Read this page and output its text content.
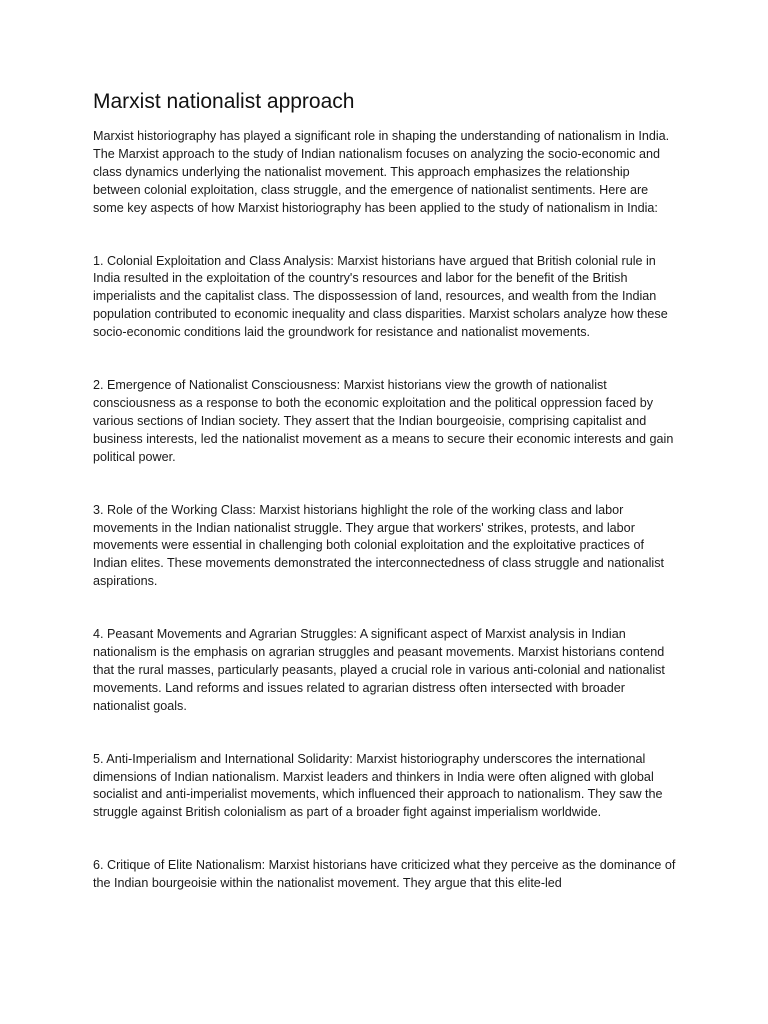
Marxist nationalist approach

Marxist historiography has played a significant role in shaping the understanding of nationalism in India. The Marxist approach to the study of Indian nationalism focuses on analyzing the socio-economic and class dynamics underlying the nationalist movement. This approach emphasizes the relationship between colonial exploitation, class struggle, and the emergence of nationalist sentiments. Here are some key aspects of how Marxist historiography has been applied to the study of nationalism in India:

1. Colonial Exploitation and Class Analysis: Marxist historians have argued that British colonial rule in India resulted in the exploitation of the country's resources and labor for the benefit of the British imperialists and the capitalist class. The dispossession of land, resources, and wealth from the Indian population contributed to economic inequality and class disparities. Marxist scholars analyze how these socio-economic conditions laid the groundwork for resistance and nationalist movements.

2. Emergence of Nationalist Consciousness: Marxist historians view the growth of nationalist consciousness as a response to both the economic exploitation and the political oppression faced by various sections of Indian society. They assert that the Indian bourgeoisie, comprising capitalist and business interests, led the nationalist movement as a means to secure their economic interests and gain political power.

3. Role of the Working Class: Marxist historians highlight the role of the working class and labor movements in the Indian nationalist struggle. They argue that workers' strikes, protests, and labor movements were essential in challenging both colonial exploitation and the exploitative practices of Indian elites. These movements demonstrated the interconnectedness of class struggle and nationalist aspirations.

4. Peasant Movements and Agrarian Struggles: A significant aspect of Marxist analysis in Indian nationalism is the emphasis on agrarian struggles and peasant movements. Marxist historians contend that the rural masses, particularly peasants, played a crucial role in various anti-colonial and nationalist movements. Land reforms and issues related to agrarian distress often intersected with broader nationalist goals.

5. Anti-Imperialism and International Solidarity: Marxist historiography underscores the international dimensions of Indian nationalism. Marxist leaders and thinkers in India were often aligned with global socialist and anti-imperialist movements, which influenced their approach to nationalism. They saw the struggle against British colonialism as part of a broader fight against imperialism worldwide.

6. Critique of Elite Nationalism: Marxist historians have criticized what they perceive as the dominance of the Indian bourgeoisie within the nationalist movement. They argue that this elite-led
